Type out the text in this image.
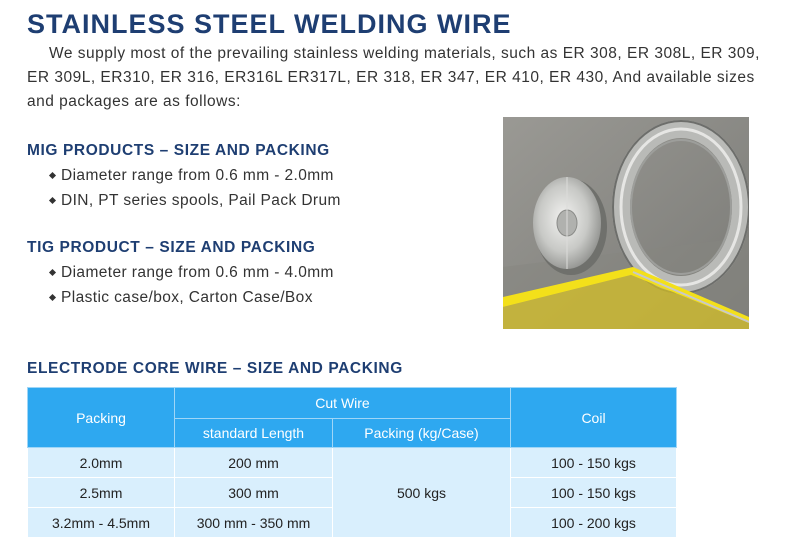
STAINLESS STEEL WELDING WIRE

We supply most of the prevailing stainless welding materials, such as ER 308, ER 308L, ER 309, ER 309L, ER310, ER 316, ER316L ER317L, ER 318, ER 347, ER 410, ER 430, And available sizes and packages are as follows:

MIG PRODUCTS – SIZE AND PACKING
Diameter range from 0.6 mm - 2.0mm
DIN, PT series spools, Pail Pack Drum
TIG PRODUCT – SIZE AND PACKING
Diameter range from 0.6 mm - 4.0mm
Plastic case/box, Carton Case/Box
ELECTRODE CORE WIRE – SIZE AND PACKING
Packing	Cut Wire		Coil
	standard Length	Packing (kg/Case)	
2.0mm	200 mm	500 kgs	100 - 150 kgs
2.5mm	300 mm		100 - 150 kgs
3.2mm - 4.5mm	300 mm - 350 mm		100 - 200 kgs
